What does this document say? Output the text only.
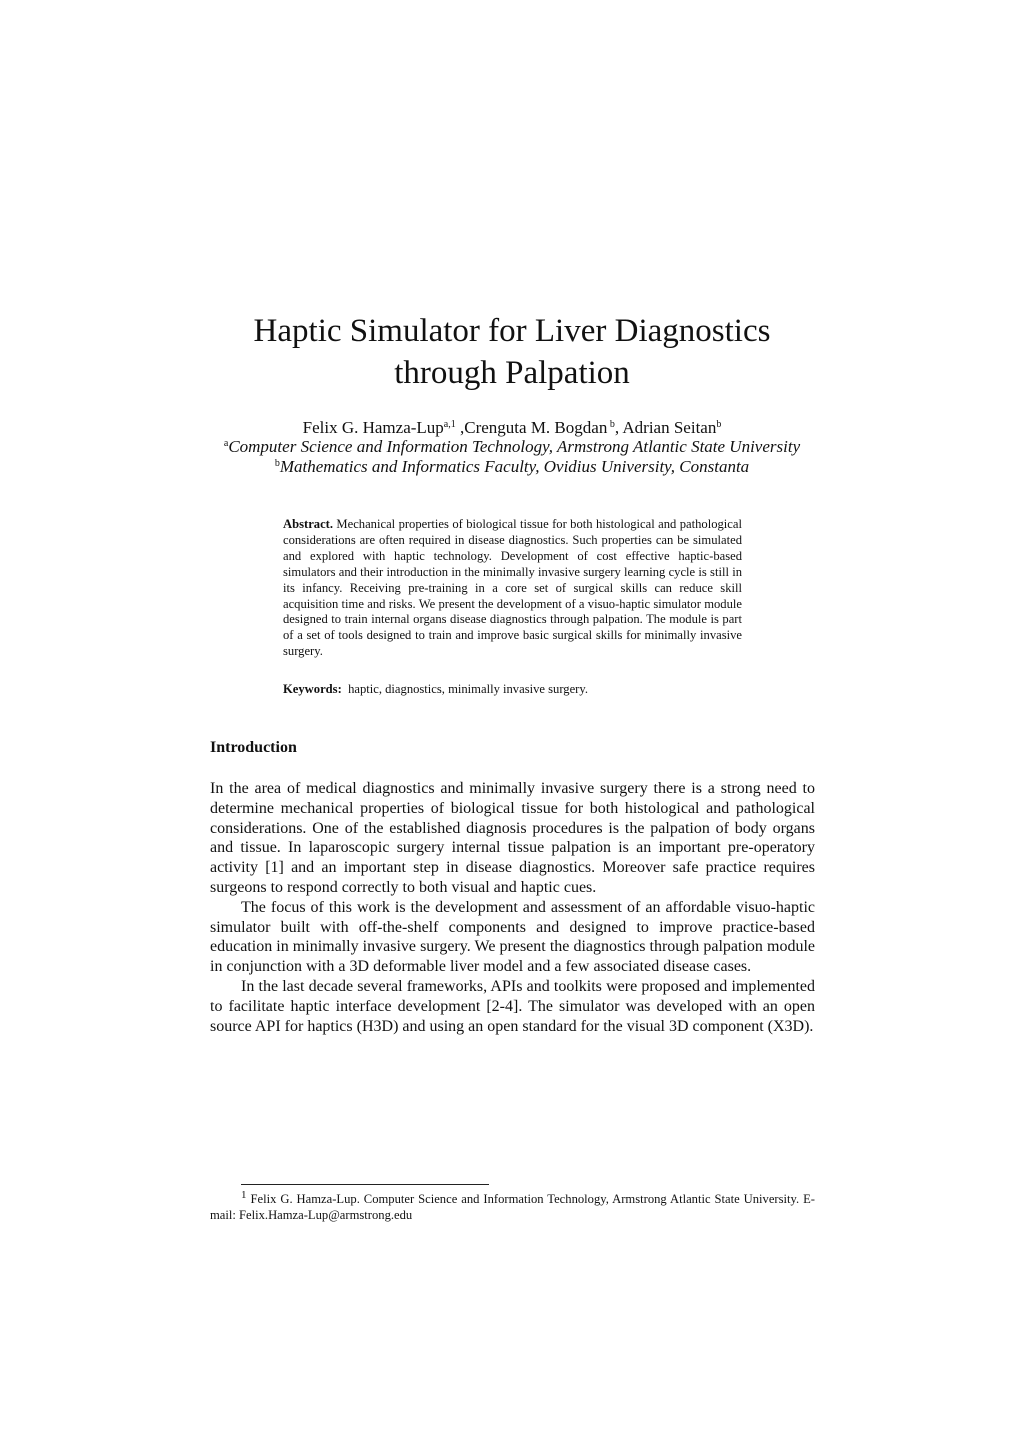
Haptic Simulator for Liver Diagnostics
through Palpation
Felix G. Hamza-Lup$^{a,1}$ ,Crenguta M. Bogdan $^b$, Adrian Seitan$^b$
$^a$Computer Science and Information Technology, Armstrong Atlantic State University
$^b$Mathematics and Informatics Faculty, Ovidius University, Constanta

Abstract. Mechanical properties of biological tissue for both histological and pathological considerations are often required in disease diagnostics. Such properties can be simulated and explored with haptic technology. Development of cost effective haptic-based simulators and their introduction in the minimally invasive surgery learning cycle is still in its infancy. Receiving pre-training in a core set of surgical skills can reduce skill acquisition time and risks. We present the development of a visuo-haptic simulator module designed to train internal organs disease diagnostics through palpation. The module is part of a set of tools designed to train and improve basic surgical skills for minimally invasive surgery.

Keywords: haptic, diagnostics, minimally invasive surgery.

Introduction

In the area of medical diagnostics and minimally invasive surgery there is a strong need to determine mechanical properties of biological tissue for both histological and pathological considerations. One of the established diagnosis procedures is the palpation of body organs and tissue. In laparoscopic surgery internal tissue palpation is an important pre-operatory activity [1] and an important step in disease diagnostics. Moreover safe practice requires surgeons to respond correctly to both visual and haptic cues.

The focus of this work is the development and assessment of an affordable visuo-haptic simulator built with off-the-shelf components and designed to improve practice-based education in minimally invasive surgery. We present the diagnostics through palpation module in conjunction with a 3D deformable liver model and a few associated disease cases.

In the last decade several frameworks, APIs and toolkits were proposed and implemented to facilitate haptic interface development [2-4]. The simulator was developed with an open source API for haptics (H3D) and using an open standard for the visual 3D component (X3D).

$^1$ Felix G. Hamza-Lup. Computer Science and Information Technology, Armstrong Atlantic State University. E-mail: Felix.Hamza-Lup@armstrong.edu
